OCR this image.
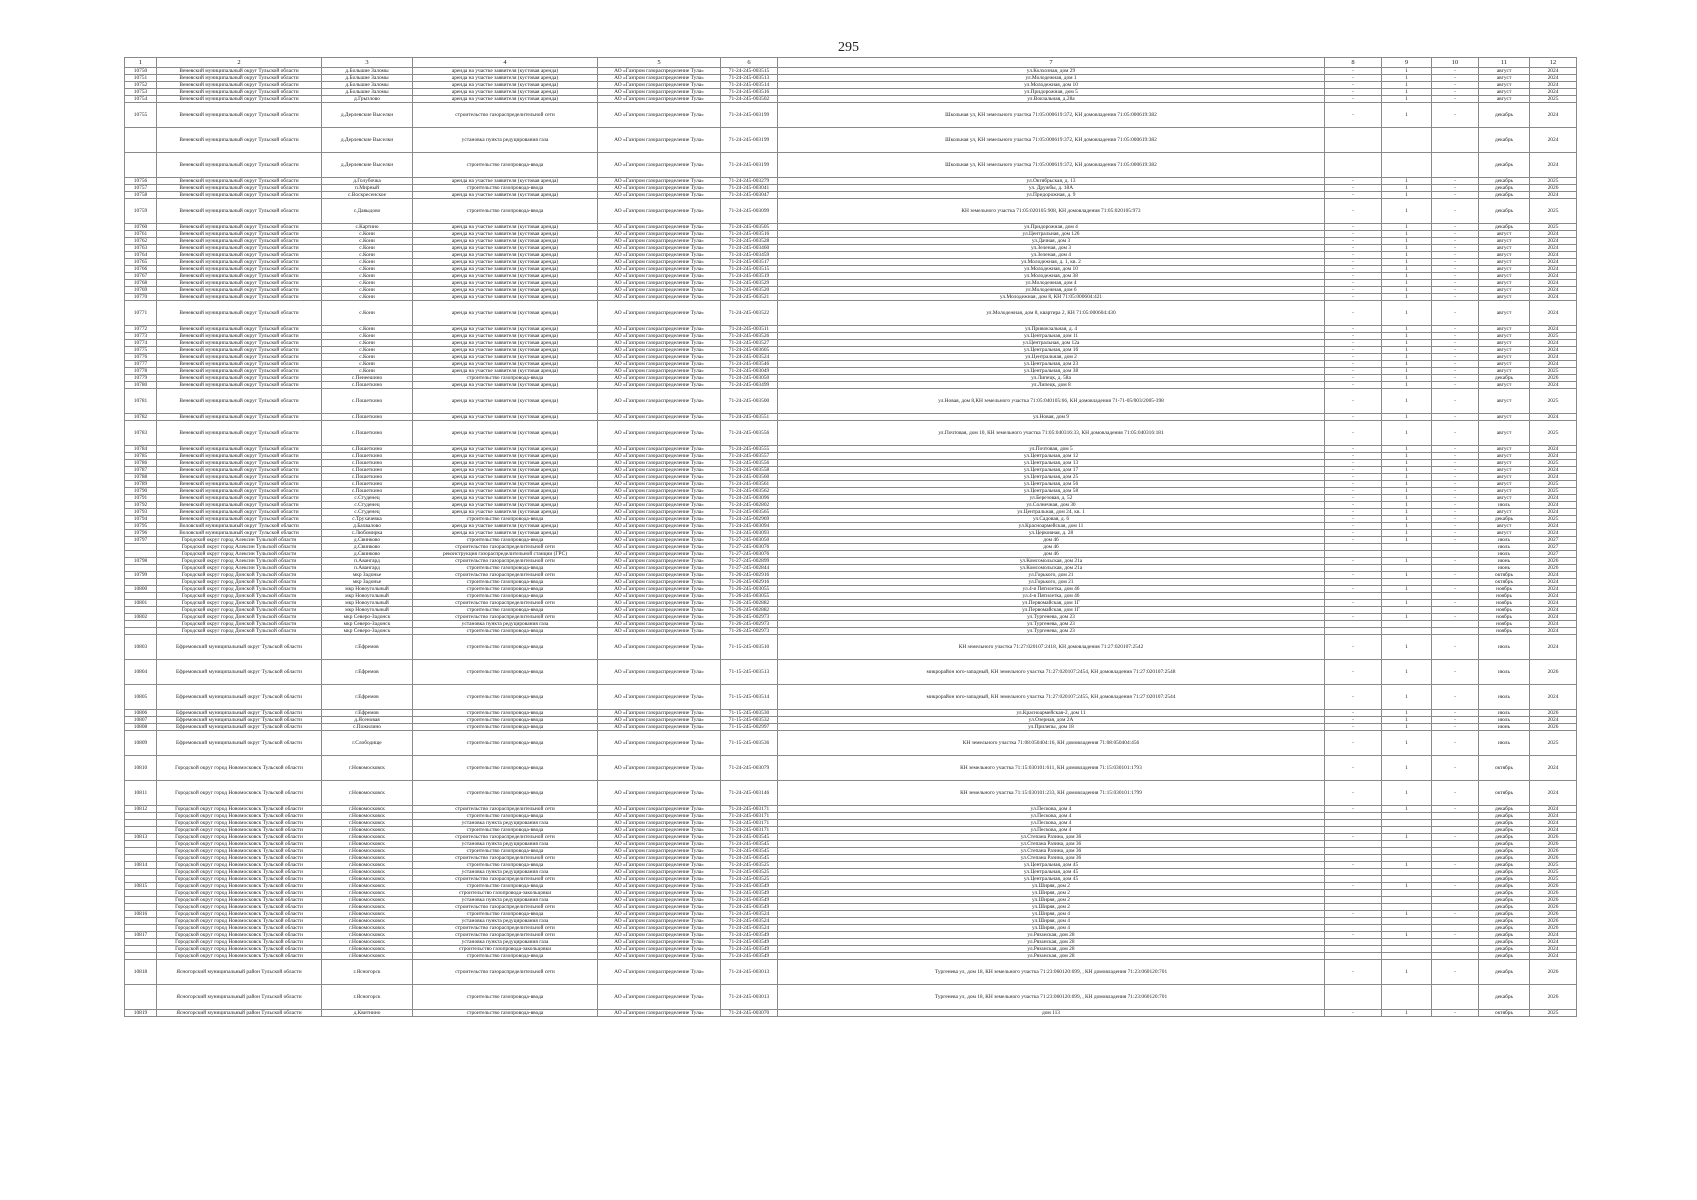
295
1	2	3	4	5	6	7	8	9	10	11	12
10750	Веневский муниципальный округ Тульской области	д.Большие Заломы	аренда на участке заявителя (кустовая аренда)	АО «Газпром газораспределение Тула»	71-24-245-003515	ул.Колхозная, дом 29	-	1	-	август	2024
10751	Веневский муниципальный округ Тульской области	д.Большие Заломы	аренда на участке заявителя (кустовая аренда)	АО «Газпром газораспределение Тула»	71-24-245-003513	ул.Молодежная, дом 1	-	1	-	август	2024
10752	Веневский муниципальный округ Тульской области	д.Большие Заломы	аренда на участке заявителя (кустовая аренда)	АО «Газпром газораспределение Тула»	71-24-245-003514	ул.Молодежная, дом 10	-	1	-	август	2024
10753	Веневский муниципальный округ Тульской области	д.Большие Заломы	аренда на участке заявителя (кустовая аренда)	АО «Газпром газораспределение Тула»	71-24-245-003516	ул.Придорожная, дом 5	-	1	-	август	2024
10754	Веневский муниципальный округ Тульской области	д.Грызлово	аренда на участке заявителя (кустовая аренда)	АО «Газпром газораспределение Тула»	71-24-245-003502	ул.Вокзальная, д.28а	-	1	-	август	2025
10755	Веневский муниципальный округ Тульской области	д.Дерлевские Выселки	строительство газораспределительной сети	АО «Газпром газораспределение Тула»	71-24-245-003199	Школьная ул, КН земельного участка 71:05:000619:372, КН домовладения 71:05:000619:382	-	1	-	декабрь	2024
	Веневский муниципальный округ Тульской области	д.Дерлевские Выселки	установка пункта редуцирования газа	АО «Газпром газораспределение Тула»	71-24-245-003199	Школьная ул, КН земельного участка 71:05:000619:372, КН домовладения 71:05:000619:382				декабрь	2024
	Веневский муниципальный округ Тульской области	д.Дерлевские Выселки	строительство газопровода-ввода	АО «Газпром газораспределение Тула»	71-24-245-003199	Школьная ул, КН земельного участка 71:05:000619:372, КН домовладения 71:05:000619:382				декабрь	2024
10756	Веневский муниципальный округ Тульской области	д.Голубочка	аренда на участке заявителя (кустовая аренда)	АО «Газпром газораспределение Тула»	71-24-245-003279	ул.Октябрьская, д. 13	-	1	-	декабрь	2025
10757	Веневский муниципальный округ Тульской области	п.Мирный	строительство газопровода-ввода	АО «Газпром газораспределение Тула»	71-24-245-003041	ул. Дружбы, д. 18А	-	1	-	декабрь	2026
10758	Веневский муниципальный округ Тульской области	с.Воскресенское	аренда на участке заявителя (кустовая аренда)	АО «Газпром газораспределение Тула»	71-24-245-003047	ул.Придорожная, д. 9	-	1	-	декабрь	2024
10759	Веневский муниципальный округ Тульской области	с.Давыдово	строительство газопровода-ввода	АО «Газпром газораспределение Тула»	71-24-245-003099	КН земельного участка 71:05:020105:908, КН домовладения 71:05:020105:973	-	1	-	декабрь	2025
10760	Веневский муниципальный округ Тульской области	с.Картино	аренда на участке заявителя (кустовая аренда)	АО «Газпром газораспределение Тула»	71-24-245-003505	ул.Придорожная, дом 4	-	1	-	декабрь	2025
10761	Веневский муниципальный округ Тульской области	с.Кони	аренда на участке заявителя (кустовая аренда)	АО «Газпром газораспределение Тула»	71-24-245-003516	ул.Центральная, дом 126	-	1	-	август	2024
10762	Веневский муниципальный округ Тульской области	с.Кони	аренда на участке заявителя (кустовая аренда)	АО «Газпром газораспределение Тула»	71-24-245-003528	ул.Дачная, дом 3	-	1	-	август	2024
10763	Веневский муниципальный округ Тульской области	с.Кони	аренда на участке заявителя (кустовая аренда)	АО «Газпром газораспределение Тула»	71-24-245-003460	ул.Зеленая, дом 3	-	1	-	август	2024
10764	Веневский муниципальный округ Тульской области	с.Кони	аренда на участке заявителя (кустовая аренда)	АО «Газпром газораспределение Тула»	71-24-245-003459	ул.Зеленая, дом 4	-	1	-	август	2024
10765	Веневский муниципальный округ Тульской области	с.Кони	аренда на участке заявителя (кустовая аренда)	АО «Газпром газораспределение Тула»	71-24-245-003517	ул.Молодежная, д. 1, кв. 2	-	1	-	август	2024
10766	Веневский муниципальный округ Тульской области	с.Кони	аренда на участке заявителя (кустовая аренда)	АО «Газпром газораспределение Тула»	71-24-245-003515	ул.Молодежная, дом 10	-	1	-	август	2024
10767	Веневский муниципальный округ Тульской области	с.Кони	аренда на участке заявителя (кустовая аренда)	АО «Газпром газораспределение Тула»	71-24-245-003519	ул.Молодежная, дом 38	-	1	-	август	2024
10768	Веневский муниципальный округ Тульской области	с.Кони	аренда на участке заявителя (кустовая аренда)	АО «Газпром газораспределение Тула»	71-24-245-003529	ул.Молодежная, дом 4	-	1	-	август	2024
10769	Веневский муниципальный округ Тульской области	с.Кони	аренда на участке заявителя (кустовая аренда)	АО «Газпром газораспределение Тула»	71-24-245-003520	ул.Молодежная, дом 6	-	1	-	август	2024
10770	Веневский муниципальный округ Тульской области	с.Кони	аренда на участке заявителя (кустовая аренда)	АО «Газпром газораспределение Тула»	71-24-245-003521	ул.Молодежная, дом 8, КН 71:05:000604:421	-	1	-	август	2024
10771	Веневский муниципальный округ Тульской области	с.Кони	аренда на участке заявителя (кустовая аренда)	АО «Газпром газораспределение Тула»	71-24-245-003522	ул.Молодежная, дом 8, квартира 2, КН 71:05:000604:430	-	1	-	август	2024
10772	Веневский муниципальный округ Тульской области	с.Кони	аренда на участке заявителя (кустовая аренда)	АО «Газпром газораспределение Тула»	71-24-245-003511	ул.Привокзальная, д. 4	-	1	-	август	2024
10773	Веневский муниципальный округ Тульской области	с.Кони	аренда на участке заявителя (кустовая аренда)	АО «Газпром газораспределение Тула»	71-24-245-003526	ул.Центральная, дом 11	-	1	-	август	2025
10774	Веневский муниципальный округ Тульской области	с.Кони	аренда на участке заявителя (кустовая аренда)	АО «Газпром газораспределение Тула»	71-24-245-003527	ул.Центральная, дом 12а	-	1	-	август	2024
10775	Веневский муниципальный округ Тульской области	с.Кони	аренда на участке заявителя (кустовая аренда)	АО «Газпром газораспределение Тула»	71-24-245-003605	ул.Центральная, дом 16	-	1	-	август	2024
10776	Веневский муниципальный округ Тульской области	с.Кони	аренда на участке заявителя (кустовая аренда)	АО «Газпром газораспределение Тула»	71-24-245-003524	ул.Центральная, дом 2	-	1	-	август	2024
10777	Веневский муниципальный округ Тульской области	с.Кони	аренда на участке заявителя (кустовая аренда)	АО «Газпром газораспределение Тула»	71-24-245-003546	ул.Центральная, дом 23	-	1	-	август	2024
10778	Веневский муниципальный округ Тульской области	с.Кони	аренда на участке заявителя (кустовая аренда)	АО «Газпром газораспределение Тула»	71-24-245-003049	ул.Центральная, дом 38	-	1	-	август	2025
10779	Веневский муниципальный округ Тульской области	с.Пенеешино	строительство газопровода-ввода	АО «Газпром газораспределение Тула»	71-24-245-003050	ул.Липецк, д. 58а	-	1	-	декабрь	2026
10780	Веневский муниципальный округ Тульской области	с.Пошеткино	аренда на участке заявителя (кустовая аренда)	АО «Газпром газораспределение Тула»	71-24-245-003499	ул.Липецк, дом 8	-	1	-	август	2024
10781	Веневский муниципальный округ Тульской области	с.Пошеткино	аренда на участке заявителя (кустовая аренда)	АО «Газпром газораспределение Тула»	71-24-245-003500	ул.Новая, дом 8,КН земельного участка 71:05:040105:66, КН домовладения 71-71-05/003/2005-398	-	1	-	август	2025
10782	Веневский муниципальный округ Тульской области	с.Пошеткино	аренда на участке заявителя (кустовая аренда)	АО «Газпром газораспределение Тула»	71-24-245-003551	ул.Новая, дом 9	-	1	-	август	2024
10783	Веневский муниципальный округ Тульской области	с.Пошеткино	аренда на участке заявителя (кустовая аренда)	АО «Газпром газораспределение Тула»	71-24-245-003556	ул.Почтовая, дом 10, КН земельного участка 71:05:040316:33, КН домовладения 71:05:040316:181	-	1	-	август	2025
10784	Веневский муниципальный округ Тульской области	с.Пошеткино	аренда на участке заявителя (кустовая аренда)	АО «Газпром газораспределение Тула»	71-24-245-003555	ул.Почтовая, дом 5	-	1	-	август	2024
10785	Веневский муниципальный округ Тульской области	с.Пошеткино	аренда на участке заявителя (кустовая аренда)	АО «Газпром газораспределение Тула»	71-24-245-003557	ул.Центральная, дом 12	-	1	-	август	2024
10786	Веневский муниципальный округ Тульской области	с.Пошеткино	аренда на участке заявителя (кустовая аренда)	АО «Газпром газораспределение Тула»	71-24-245-003556	ул.Центральная, дом 13	-	1	-	август	2025
10787	Веневский муниципальный округ Тульской области	с.Пошеткино	аренда на участке заявителя (кустовая аренда)	АО «Газпром газораспределение Тула»	71-24-245-003558	ул.Центральная, дом 17	-	1	-	август	2024
10788	Веневский муниципальный округ Тульской области	с.Пошеткино	аренда на участке заявителя (кустовая аренда)	АО «Газпром газораспределение Тула»	71-24-245-003560	ул.Центральная, дом 25	-	1	-	август	2024
10789	Веневский муниципальный округ Тульской области	с.Пошеткино	аренда на участке заявителя (кустовая аренда)	АО «Газпром газораспределение Тула»	71-24-245-003561	ул.Центральная, дом 56	-	1	-	август	2025
10790	Веневский муниципальный округ Тульской области	с.Пошеткино	аренда на участке заявителя (кустовая аренда)	АО «Газпром газораспределение Тула»	71-24-245-003562	ул.Центральная, дом 58	-	1	-	август	2025
10791	Веневский муниципальный округ Тульской области	с.Студенец	аренда на участке заявителя (кустовая аренда)	АО «Газпром газораспределение Тула»	71-24-245-003096	ул.Березовая, д. 52	-	1	-	август	2024
10792	Веневский муниципальный округ Тульской области	с.Студенец	аренда на участке заявителя (кустовая аренда)	АО «Газпром газораспределение Тула»	71-24-245-002802	ул.Солнечная, дом 30	-	1	-	июль	2024
10793	Веневский муниципальный округ Тульской области	с.Студенец	аренда на участке заявителя (кустовая аренда)	АО «Газпром газораспределение Тула»	71-24-245-003565	ул.Центральная, дом 24, кв. 1	-	1	-	август	2024
10794	Веневский муниципальный округ Тульской области	с.Трухачевка	строительство газопровода-ввода	АО «Газпром газораспределение Тула»	71-24-245-002969	ул.Садовая, д. 6	-	1	-	декабрь	2025
10795	Воловский муниципальный округ Тульской области	д.Бахвалово	аренда на участке заявителя (кустовая аренда)	АО «Газпром газораспределение Тула»	71-24-245-003094	ул.Красноармейская, дом 11	-	1	-	август	2024
10796	Воловский муниципальный округ Тульской области	с.Любомирка	аренда на участке заявителя (кустовая аренда)	АО «Газпром газораспределение Тула»	71-24-245-003093	ул.Церковная, д. 28	-	1	-	август	2024
10797	Городской округ город Алексин Тульской области	д.Свинково	строительство газопровода-ввода	АО «Газпром газораспределение Тула»	71-27-245-003050	дом 46	-	1	-	июль	2027
	Городской округ город Алексин Тульской области	д.Свинково	строительство газораспределительной сети	АО «Газпром газораспределение Тула»	71-27-245-003076	дом 46				июль	2027
	Городской округ город Алексин Тульской области	д.Свинково	реконструкция газораспределительной станции (ГРС)	АО «Газпром газораспределение Тула»	71-27-245-003076	дом 46				июль	2027
10798	Городской округ город Алексин Тульской области	п.Авангард	строительство газораспределительной сети	АО «Газпром газораспределение Тула»	71-27-245-002899	ул.Комсомольская, дом 21а	-	1	-	июнь	2026
	Городской округ город Алексин Тульской области	п.Авангард	строительство газопровода-ввода	АО «Газпром газораспределение Тула»	71-27-245-002844	ул.Комсомольская, дом 21а				июнь	2026
10799	Городской округ город Донской Тульской области	мкр Задонье	строительство газораспределительной сети	АО «Газпром газораспределение Тула»	71-26-245-002916	ул.Горького, дом 21	-	1	-	октябрь	2024
	Городской округ город Донской Тульской области	мкр Задонье	строительство газопровода-ввода	АО «Газпром газораспределение Тула»	71-26-245-002916	ул.Горького, дом 21				октябрь	2024
10800	Городской округ город Донской Тульской области	мкр Новоугольный	строительство газопровода-ввода	АО «Газпром газораспределение Тула»	71-26-245-003055	ул.4-я Пятилетка, дом 46	-	1	-	ноябрь	2024
	Городской округ город Донской Тульской области	мкр Новоугольный	строительство газопровода-ввода	АО «Газпром газораспределение Тула»	71-26-245-003055	ул.4-я Пятилетка, дом 46				ноябрь	2024
10801	Городской округ город Донской Тульской области	мкр Новоугольный	строительство газораспределительной сети	АО «Газпром газораспределение Тула»	71-26-245-002882	ул.Первомайская, дом 1Г	-	1	-	ноябрь	2024
	Городской округ город Донской Тульской области	мкр Новоугольный	строительство газопровода-ввода	АО «Газпром газораспределение Тула»	71-26-245-002882	ул.Первомайская, дом 1Г				ноябрь	2024
10802	Городской округ город Донской Тульской области	мкр Северо-Задонск	строительство газораспределительной сети	АО «Газпром газораспределение Тула»	71-26-245-002973	ул.Тургенева, дом 23	-	1	-	ноябрь	2024
	Городской округ город Донской Тульской области	мкр Северо-Задонск	установка пункта редуцирования газа	АО «Газпром газораспределение Тула»	71-26-245-002973	ул.Тургенева, дом 23				ноябрь	2024
	Городской округ город Донской Тульской области	мкр Северо-Задонск	строительство газопровода-ввода	АО «Газпром газораспределение Тула»	71-26-245-002973	ул.Тургенева, дом 23				ноябрь	2024
10803	Ефремовский муниципальный округ Тульской области	г.Ефремов	строительство газопровода-ввода	АО «Газпром газораспределение Тула»	71-15-245-003510	КН земельного участка 71:27:020107:2418, КН домовладения 71:27:020107:2542	-	1	-	июль	2024
10804	Ефремовский муниципальный округ Тульской области	г.Ефремов	строительство газопровода-ввода	АО «Газпром газораспределение Тула»	71-15-245-003513	микрорайон юго-западный, КН земельного участка 71:27:020107:2454, КН домовладения 71:27:020107:2548	-	1	-	июль	2026
10805	Ефремовский муниципальный округ Тульской области	г.Ефремов	строительство газопровода-ввода	АО «Газпром газораспределение Тула»	71-15-245-003514	микрорайон юго-западный, КН земельного участка 71:27:020107:2455, КН домовладения 71:27:020107:2544	-	1	-	июль	2024
10806	Ефремовский муниципальный округ Тульской области	г.Ефремов	строительство газопровода-ввода	АО «Газпром газораспределение Тула»	71-15-245-003530	ул.Красноармейская-2, дом 11	-	1	-	июль	2026
10807	Ефремовский муниципальный округ Тульской области	д.Ясеновая	строительство газопровода-ввода	АО «Газпром газораспределение Тула»	71-15-245-003532	ул.Озерная, дом 2А	-	1	-	июль	2024
10808	Ефремовский муниципальный округ Тульской области	с.Пожилино	строительство газопровода-ввода	АО «Газпром газораспределение Тула»	71-15-245-002997	ул.Прилепы, дом 18	-	1	-	июнь	2026
10809	Ефремовский муниципальный округ Тульской области	г.Слободище	строительство газопровода-ввода	АО «Газпром газораспределение Тула»	71-15-245-003536	КН земельного участка 71:08:050404:16, КН домовладения 71:08:050404:456	-	1	-	июль	2025
10810	Городской округ город Новомосковск Тульской области	г.Новомосковск	строительство газопровода-ввода	АО «Газпром газораспределение Тула»	71-24-245-003079	КН земельного участка 71:15:030101:611, КН домовладения 71:15:030101:1793	-	1	-	октябрь	2024
10811	Городской округ город Новомосковск Тульской области	г.Новомосковск	строительство газопровода-ввода	АО «Газпром газораспределение Тула»	71-24-245-003146	КН земельного участка 71:15:030101:233, КН домовладения 71:15:030101:1799	-	1	-	октябрь	2024
10812	Городской округ город Новомосковск Тульской области	г.Новомосковск	строительство газораспределительной сети	АО «Газпром газораспределение Тула»	71-24-245-003171	ул.Пескова, дом 4	-	1	-	декабрь	2024
	Городской округ город Новомосковск Тульской области	г.Новомосковск	строительство газопровода-ввода	АО «Газпром газораспределение Тула»	71-24-245-003171	ул.Пескова, дом 4				декабрь	2024
	Городской округ город Новомосковск Тульской области	г.Новомосковск	установка пункта редуцирования газа	АО «Газпром газораспределение Тула»	71-24-245-003171	ул.Пескова, дом 4				декабрь	2024
	Городской округ город Новомосковск Тульской области	г.Новомосковск	строительство газопровода-ввода	АО «Газпром газораспределение Тула»	71-24-245-003171	ул.Пескова, дом 4				декабрь	2024
10813	Городской округ город Новомосковск Тульской области	г.Новомосковск	строительство газораспределительной сети	АО «Газпром газораспределение Тула»	71-24-245-003545	ул.Степана Разина, дом 36	-	1	-	декабрь	2026
	Городской округ город Новомосковск Тульской области	г.Новомосковск	установка пункта редуцирования газа	АО «Газпром газораспределение Тула»	71-24-245-003545	ул.Степана Разина, дом 36				декабрь	2026
	Городской округ город Новомосковск Тульской области	г.Новомосковск	строительство газопровода-ввода	АО «Газпром газораспределение Тула»	71-24-245-003545	ул.Степана Разина, дом 36				декабрь	2026
	Городской округ город Новомосковск Тульской области	г.Новомосковск	строительство газораспределительной сети	АО «Газпром газораспределение Тула»	71-24-245-003545	ул.Степана Разина, дом 36				декабрь	2026
10814	Городской округ город Новомосковск Тульской области	г.Новомосковск	строительство газопровода-ввода	АО «Газпром газораспределение Тула»	71-24-245-003525	ул.Центральная, дом 45	-	1	-	декабрь	2025
	Городской округ город Новомосковск Тульской области	г.Новомосковск	установка пункта редуцирования газа	АО «Газпром газораспределение Тула»	71-24-245-003525	ул.Центральная, дом 45				декабрь	2025
	Городской округ город Новомосковск Тульской области	г.Новомосковск	строительство газораспределительной сети	АО «Газпром газораспределение Тула»	71-24-245-003525	ул.Центральная, дом 45				декабрь	2025
10815	Городской округ город Новомосковск Тульской области	г.Новомосковск	строительство газопровода-ввода	АО «Газпром газораспределение Тула»	71-24-245-003549	ул.Ширяя, дом 2	-	1	-	декабрь	2026
	Городской округ город Новомосковск Тульской области	г.Новомосковск	строительство газопровода-закольцовки	АО «Газпром газораспределение Тула»	71-24-245-003549	ул.Ширяя, дом 2				декабрь	2026
	Городской округ город Новомосковск Тульской области	г.Новомосковск	установка пункта редуцирования газа	АО «Газпром газораспределение Тула»	71-24-245-003549	ул.Ширяя, дом 2				декабрь	2026
	Городской округ город Новомосковск Тульской области	г.Новомосковск	строительство газораспределительной сети	АО «Газпром газораспределение Тула»	71-24-245-003549	ул.Ширяя, дом 2				декабрь	2026
10816	Городской округ город Новомосковск Тульской области	г.Новомосковск	строительство газопровода-ввода	АО «Газпром газораспределение Тула»	71-24-245-003524	ул.Ширяя, дом 4	-	1	-	декабрь	2026
	Городской округ город Новомосковск Тульской области	г.Новомосковск	установка пункта редуцирования газа	АО «Газпром газораспределение Тула»	71-24-245-003524	ул.Ширяя, дом 4				декабрь	2026
	Городской округ город Новомосковск Тульской области	г.Новомосковск	строительство газораспределительной сети	АО «Газпром газораспределение Тула»	71-24-245-003524	ул.Ширяя, дом 4				декабрь	2026
10817	Городской округ город Новомосковск Тульской области	г.Новомосковск	строительство газораспределительной сети	АО «Газпром газораспределение Тула»	71-24-245-003549	ул.Рязанская, дом 28	-	1	-	декабрь	2024
	Городской округ город Новомосковск Тульской области	г.Новомосковск	установка пункта редуцирования газа	АО «Газпром газораспределение Тула»	71-24-245-003549	ул.Рязанская, дом 28				декабрь	2024
	Городской округ город Новомосковск Тульской области	г.Новомосковск	строительство газопровода-закольцовки	АО «Газпром газораспределение Тула»	71-24-245-003549	ул.Рязанская, дом 28				декабрь	2024
	Городской округ город Новомосковск Тульской области	г.Новомосковск	строительство газопровода-ввода	АО «Газпром газораспределение Тула»	71-24-245-003549	ул.Рязанская, дом 28				декабрь	2024
10818	Ясногорский муниципальный район Тульской области	г.Ясногорск	строительство газораспределительной сети	АО «Газпром газораспределение Тула»	71-24-245-003013	Тургенева ул, дом 18, КН земельного участка 71:23:060120:699, , КН домовладения 71:23:060120:701	-	1	-	декабрь	2026
	Ясногорский муниципальный район Тульской области	г.Ясногорск	строительство газопровода-ввода	АО «Газпром газораспределение Тула»	71-24-245-003013	Тургенева ул, дом 18, КН земельного участка 71:23:060120:699, , КН домовладения 71:23:060120:701				декабрь	2026
10819	Ясногорский муниципальный район Тульской области	д.Квитнино	строительство газопровода-ввода	АО «Газпром газораспределение Тула»	71-24-245-003070	дом 113	-	1	-	октябрь	2025
